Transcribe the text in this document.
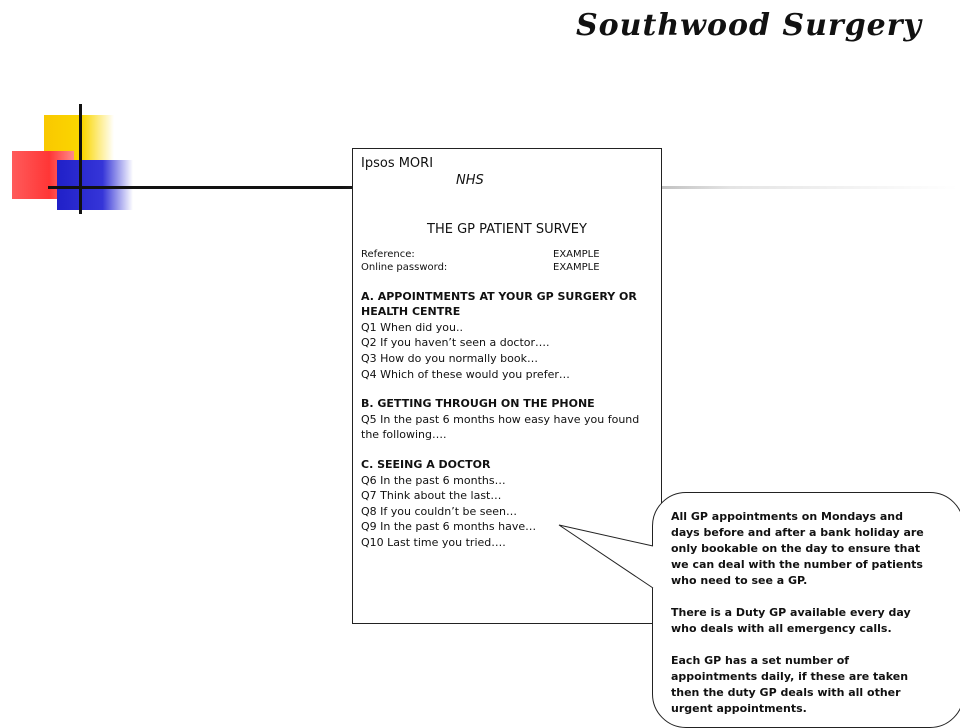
Southwood Surgery
Ipsos MORI
NHS
THE GP PATIENT SURVEY
Reference:	EXAMPLE
Online password:	EXAMPLE
A. APPOINTMENTS AT YOUR GP SURGERY OR HEALTH CENTRE
Q1 When did you..
Q2 If you haven’t seen a doctor….
Q3 How do you normally book…
Q4 Which of these would you prefer…
B. GETTING THROUGH ON THE PHONE
Q5 In the past 6 months how easy have you found the following….
C. SEEING A DOCTOR
Q6 In the past 6 months…
Q7 Think about the last…
Q8 If you couldn’t be seen…
Q9 In the past 6 months have…
Q10 Last time you tried….

All GP appointments on Mondays and days before and after a bank holiday are only bookable on the day to ensure that we can deal with the number of patients who need to see a GP.

There is a Duty GP available every day who deals with all emergency calls.

Each GP has a set number of appointments daily, if these are taken then the duty GP deals with all other urgent appointments.
